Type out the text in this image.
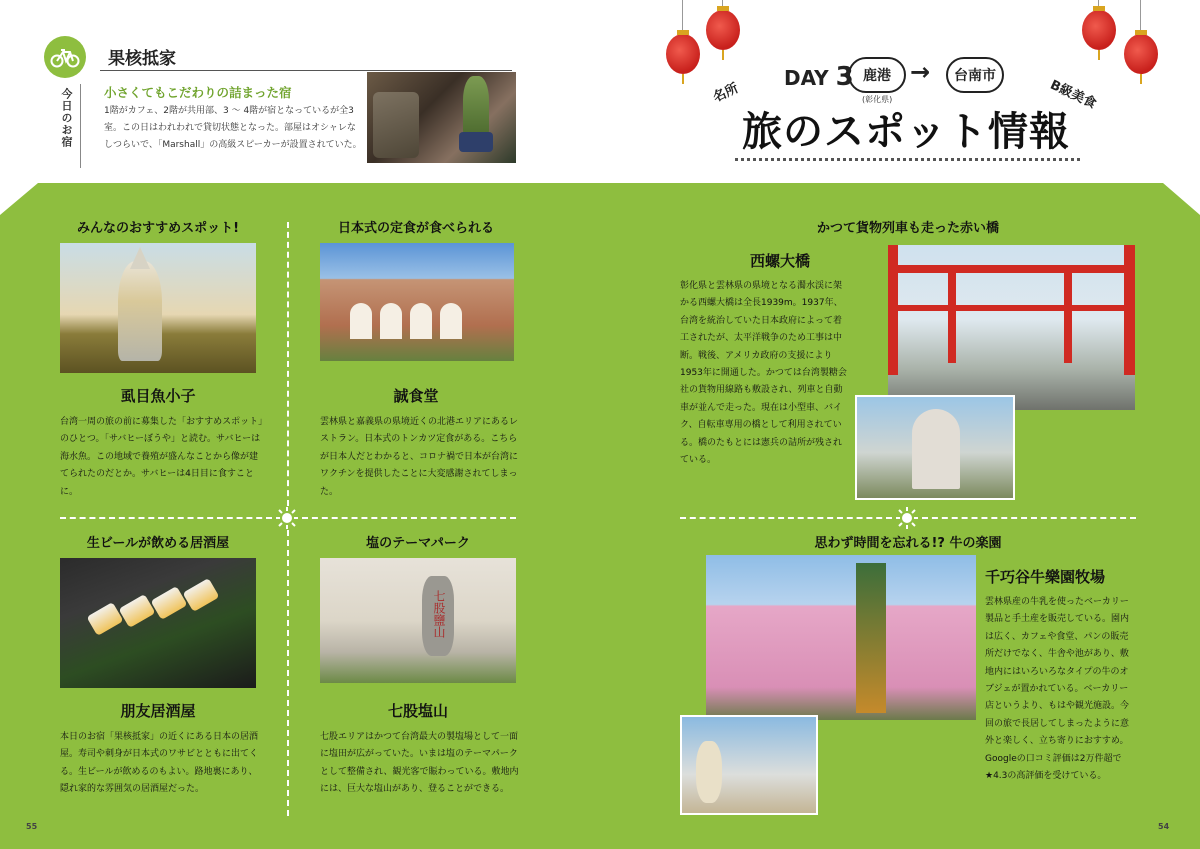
果核抵家
今日のお宿 小さくてもこだわりの詰まった宿
1階がカフェ、2階が共用部、3 ～ 4階が宿となっているが全3室。この日はわれわれで貸切状態となった。部屋はオシャレなしつらいで、「Marshall」の高級スピーカーが設置されていた。
DAY 3 鹿港 →	台南市
(彰化県)
名所	B級美食
旅のスポット情報
みんなのおすすめスポット!
虱目魚小子
台湾一周の旅の前に募集した「おすすめスポット」のひとつ。「サバヒーぼうや」と読む。サバヒーは海水魚。この地域で養殖が盛んなことから像が建てられたのだとか。サバヒーは4日目に食すことに。
日本式の定食が食べられる
誠食堂
雲林県と嘉義県の県境近くの北港エリアにあるレストラン。日本式のトンカツ定食がある。こちらが日本人だとわかると、コロナ禍で日本が台湾にワクチンを提供したことに大変感謝されてしまった。
生ビールが飲める居酒屋
朋友居酒屋
本日のお宿「果核抵家」の近くにある日本の居酒屋。寿司や刺身が日本式のワサビとともに出てくる。生ビールが飲めるのもよい。路地裏にあり、隠れ家的な雰囲気の居酒屋だった。
塩のテーマパーク
七股鹽山
七股塩山
七股エリアはかつて台湾最大の製塩場として一面に塩田が広がっていた。いまは塩のテーマパークとして整備され、観光客で賑わっている。敷地内には、巨大な塩山があり、登ることができる。
かつて貨物列車も走った赤い橋
西螺大橋
彰化県と雲林県の県境となる濁水渓に架かる西螺大橋は全長1939m。1937年、台湾を統治していた日本政府によって着工されたが、太平洋戦争のため工事は中断。戦後、アメリカ政府の支援により1953年に開通した。かつては台湾製糖会社の貨物用線路も敷設され、列車と自動車が並んで走った。現在は小型車、バイク、自転車専用の橋として利用されている。橋のたもとには憲兵の詰所が残されている。
思わず時間を忘れる!? 牛の楽園
千巧谷牛樂園牧場
雲林県産の牛乳を使ったベーカリー製品と手土産を販売している。園内は広く、カフェや食堂、パンの販売所だけでなく、牛舎や池があり、敷地内にはいろいろなタイプの牛のオブジェが置かれている。ベーカリー店というより、もはや観光施設。今回の旅で長居してしまったように意外と楽しく、立ち寄りにおすすめ。Googleの口コミ評価は2万件超で★4.3の高評価を受けている。
55	54
